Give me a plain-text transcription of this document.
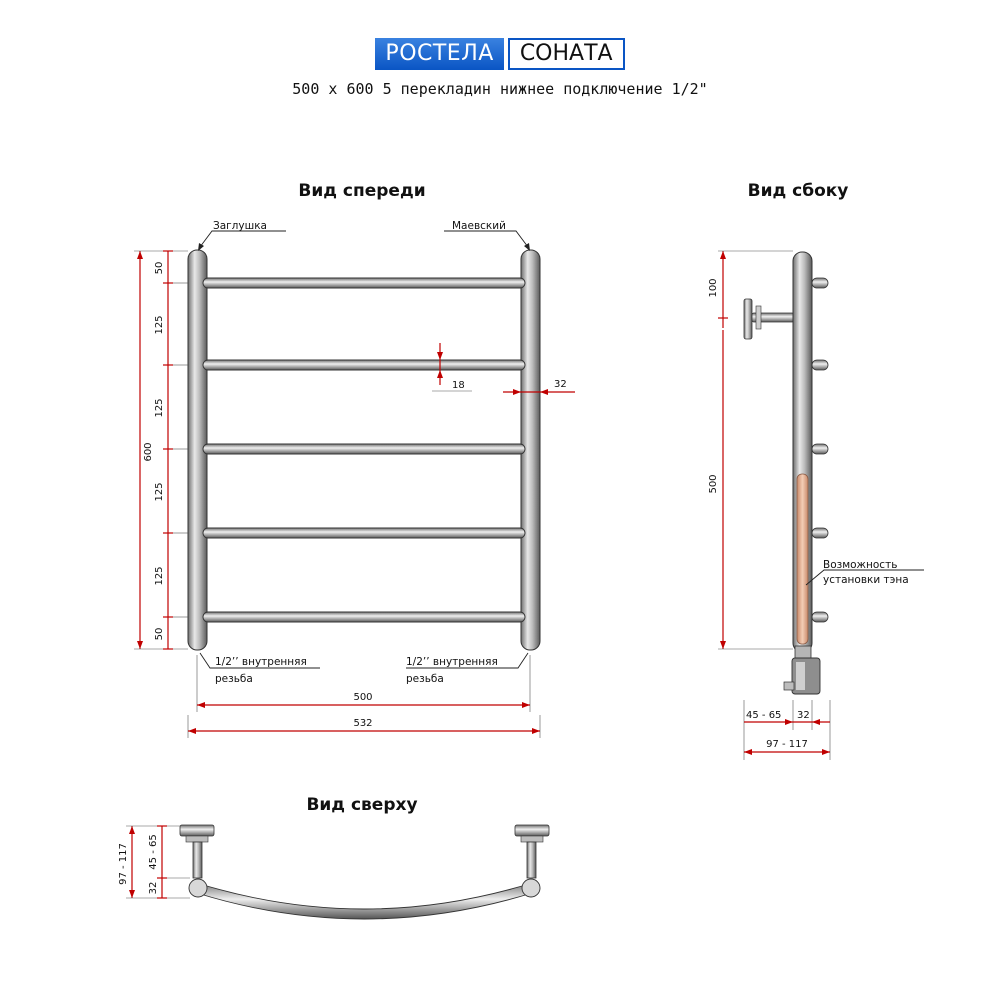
РОСТЕЛА	СОНАТА
500 x 600 5 перекладин нижнее подключение 1/2"
Вид спереди
Заглушка	Маевский
1/2’’ внутренняя
резьба
1/2’’ внутренняя
резьба
600
50
125
125
125
125
50
18	32
500
532
Вид сбоку
100
500
Возможность
установки тэна
45 - 65 32
97 - 117
Вид сверху
97 - 117 45 - 65
32
